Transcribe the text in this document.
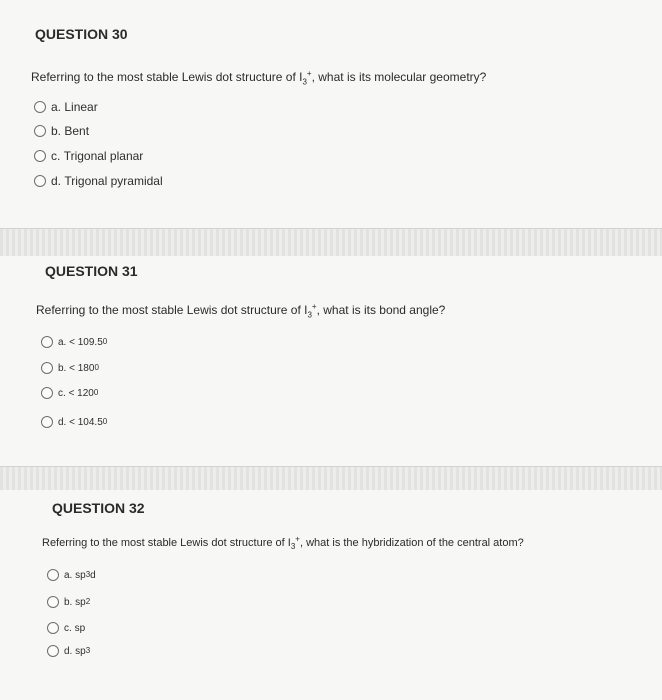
QUESTION 30
Referring to the most stable Lewis dot structure of $I_3^+$, what is its molecular geometry?
a.
Linear
b.
Bent
c.
Trigonal planar
d.
Trigonal pyramidal
QUESTION 31
Referring to the most stable Lewis dot structure of $I_3^+$, what is its bond angle?
a.
< 109.5 0
b.
< 180 0
c.
< 120 0
d.
< 104.5 0
QUESTION 32
Referring to the most stable Lewis dot structure of $I_3^+$, what is the hybridization of the central atom?
a.
sp 3 d
b.
sp 2
c.
sp
d.
sp 3
